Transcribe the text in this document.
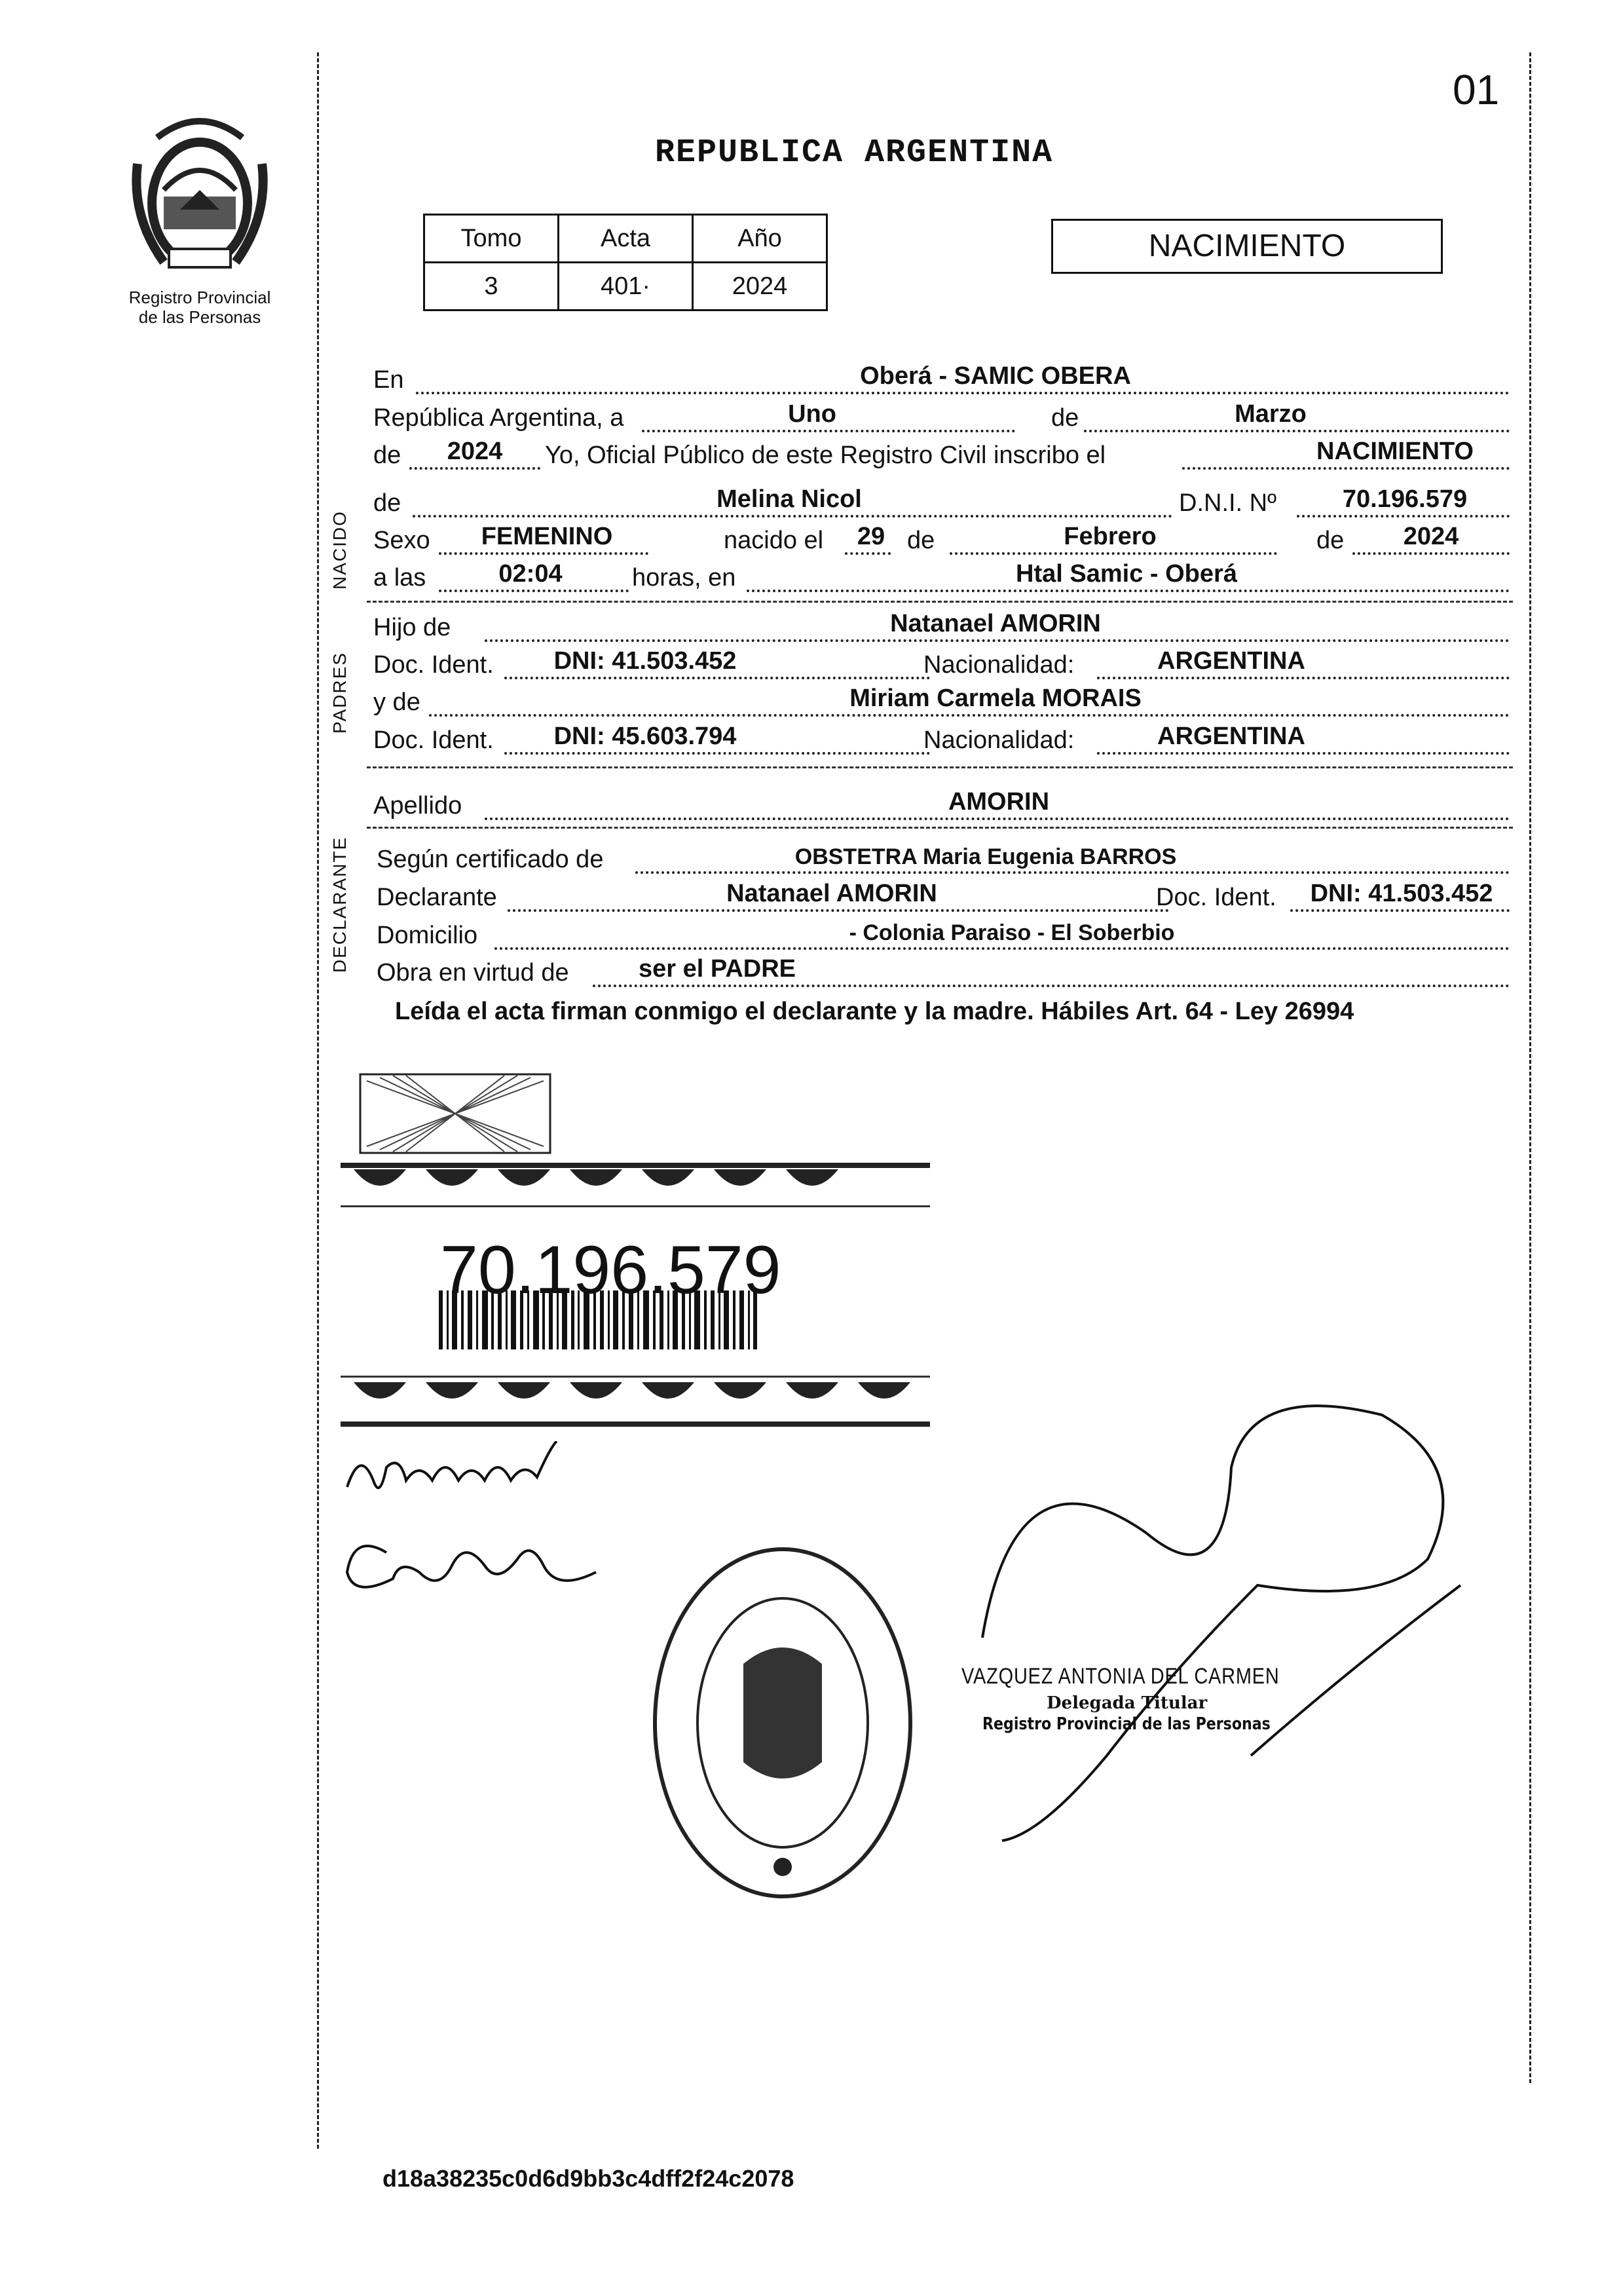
01
Registro Provincial
de las Personas
REPUBLICA ARGENTINA
Tomo	Acta	Año
3	401·	2024
NACIMIENTO
En	Oberá - SAMIC OBERA
República Argentina, a	Uno	de	Marzo
de 2024 Yo, Oficial Público de este Registro Civil inscribo el	NACIMIENTO
NACIDO
de	Melina Nicol	D.N.I. Nº	70.196.579
Sexo FEMENINO	nacido el 29 de	Febrero	de 2024
a las	02:04	horas, en	Htal Samic - Oberá
PADRES
Hijo de	Natanael AMORIN
Doc. Ident. DNI: 41.503.452	Nacionalidad:	ARGENTINA
y de	Miriam Carmela MORAIS
Doc. Ident. DNI: 45.603.794	Nacionalidad:	ARGENTINA
Apellido	AMORIN
DECLARANTE Según certificado de	OBSTETRA Maria Eugenia BARROS
Declarante	Natanael AMORIN	Doc. Ident. DNI: 41.503.452
Domicilio	- Colonia Paraiso - El Soberbio
Obra en virtud de	ser el PADRE
Leída el acta firman conmigo el declarante y la madre. Hábiles Art. 64 - Ley 26994
70.196.579
VAZQUEZ ANTONIA DEL CARMEN
Delegada Titular
Registro Provincial de las Personas
d18a38235c0d6d9bb3c4dff2f24c2078
